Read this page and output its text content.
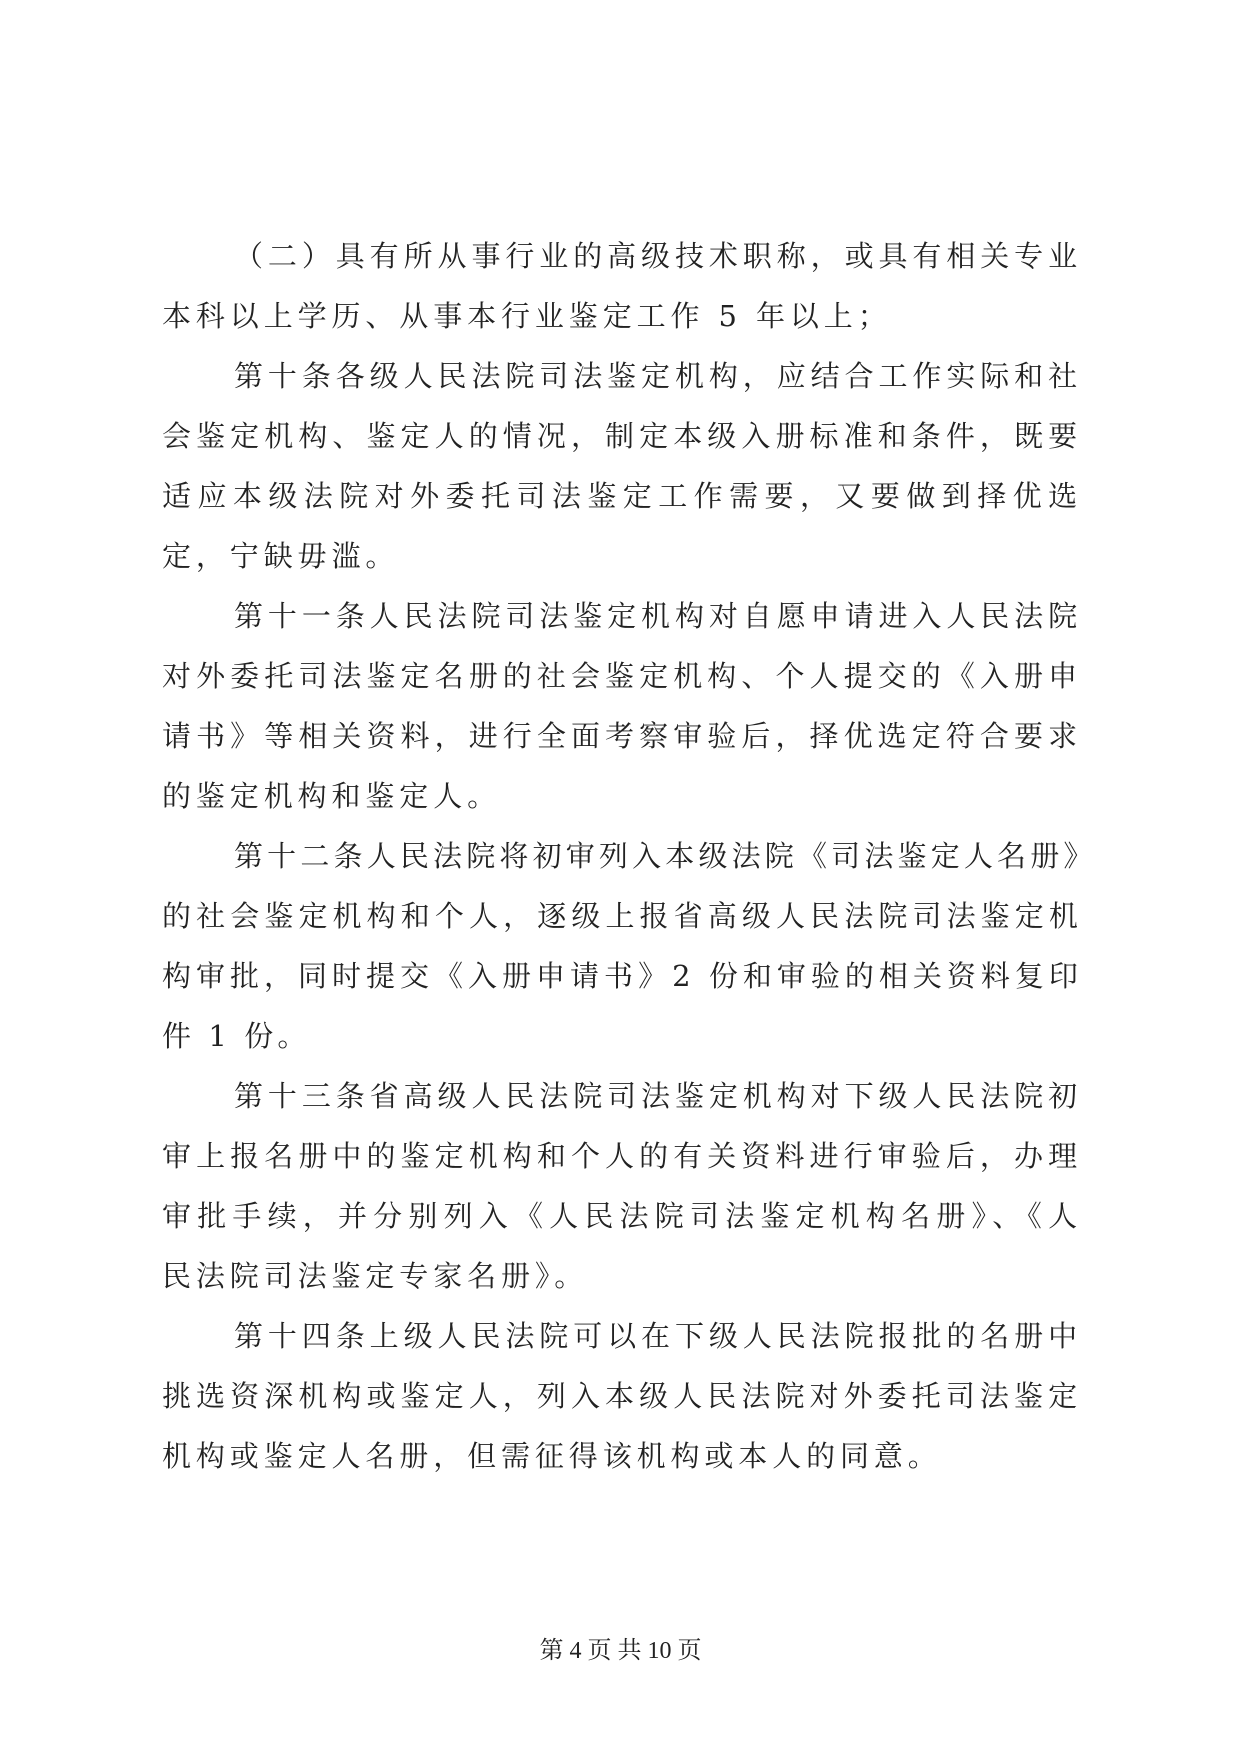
（二）具有所从事行业的高级技术职称，或具有相关专业本科以上学历、从事本行业鉴定工作 5 年以上；

第十条各级人民法院司法鉴定机构，应结合工作实际和社会鉴定机构、鉴定人的情况，制定本级入册标准和条件，既要适应本级法院对外委托司法鉴定工作需要，又要做到择优选定，宁缺毋滥。

第十一条人民法院司法鉴定机构对自愿申请进入人民法院对外委托司法鉴定名册的社会鉴定机构、个人提交的《入册申请书》等相关资料，进行全面考察审验后，择优选定符合要求的鉴定机构和鉴定人。

第十二条人民法院将初审列入本级法院《司法鉴定人名册》的社会鉴定机构和个人，逐级上报省高级人民法院司法鉴定机构审批，同时提交《入册申请书》2 份和审验的相关资料复印件 1 份。

第十三条省高级人民法院司法鉴定机构对下级人民法院初审上报名册中的鉴定机构和个人的有关资料进行审验后，办理审批手续，并分别列入《人民法院司法鉴定机构名册》、《人民法院司法鉴定专家名册》。

第十四条上级人民法院可以在下级人民法院报批的名册中挑选资深机构或鉴定人，列入本级人民法院对外委托司法鉴定机构或鉴定人名册，但需征得该机构或本人的同意。

第 4 页 共 10 页
